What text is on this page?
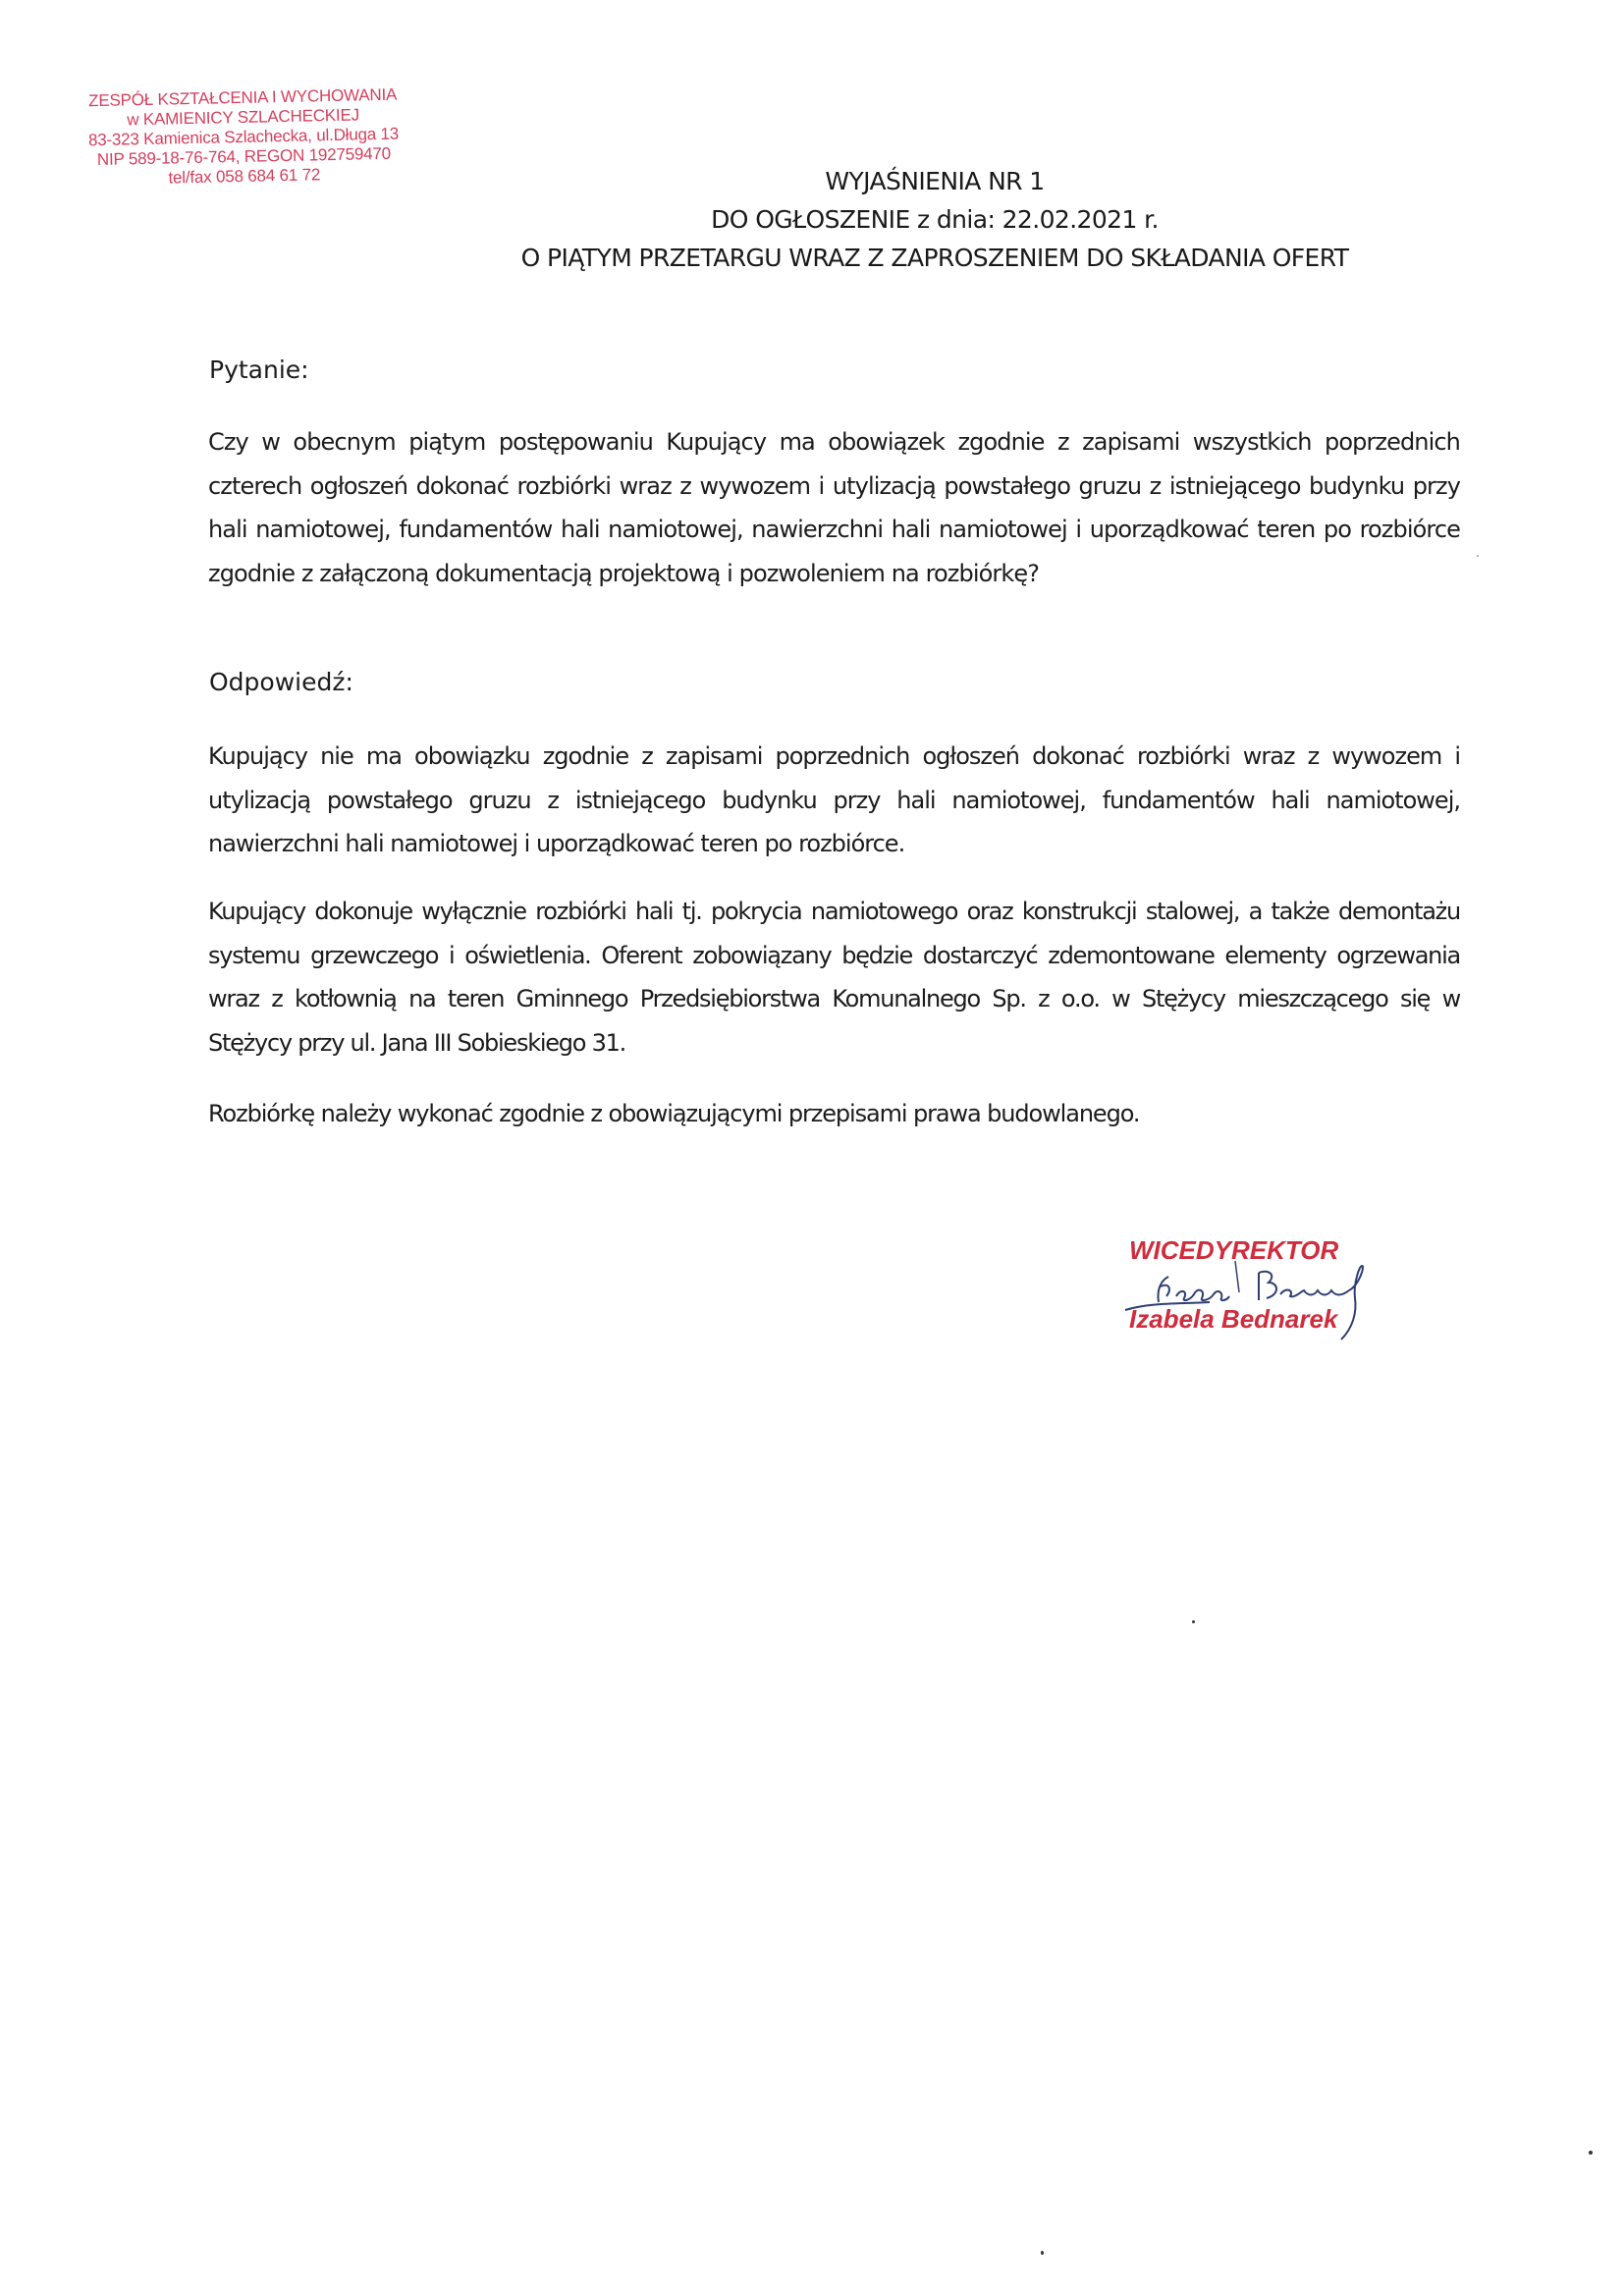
ZESPÓŁ KSZTAŁCENIA I WYCHOWANIA
w KAMIENICY SZLACHECKIEJ
83-323 Kamienica Szlachecka, ul.Długa 13
NIP 589-18-76-764, REGON 192759470
tel/fax 058 684 61 72	WYJAŚNIENIA NR 1
DO OGŁOSZENIE z dnia: 22.02.2021 r.
O PIĄTYM PRZETARGU WRAZ Z ZAPROSZENIEM DO SKŁADANIA OFERT
Pytanie:
Czy w obecnym piątym postępowaniu Kupujący ma obowiązek zgodnie z zapisami wszystkich poprzednich czterech ogłoszeń dokonać rozbiórki wraz z wywozem i utylizacją powstałego gruzu z istniejącego budynku przy hali namiotowej, fundamentów hali namiotowej, nawierzchni hali namiotowej i uporządkować teren po rozbiórce zgodnie z załączoną dokumentacją projektową i pozwoleniem na rozbiórkę?
Odpowiedź:
Kupujący nie ma obowiązku zgodnie z zapisami poprzednich ogłoszeń dokonać rozbiórki wraz z wywozem i utylizacją powstałego gruzu z istniejącego budynku przy hali namiotowej, fundamentów hali namiotowej, nawierzchni hali namiotowej i uporządkować teren po rozbiórce.
Kupujący dokonuje wyłącznie rozbiórki hali tj. pokrycia namiotowego oraz konstrukcji stalowej, a także demontażu systemu grzewczego i oświetlenia. Oferent zobowiązany będzie dostarczyć zdemontowane elementy ogrzewania wraz z kotłownią na teren Gminnego Przedsiębiorstwa Komunalnego Sp. z o.o. w Stężycy mieszczącego się w Stężycy przy ul. Jana III Sobieskiego 31.
Rozbiórkę należy wykonać zgodnie z obowiązującymi przepisami prawa budowlanego.
WICEDYREKTOR
Izabela Bednarek
